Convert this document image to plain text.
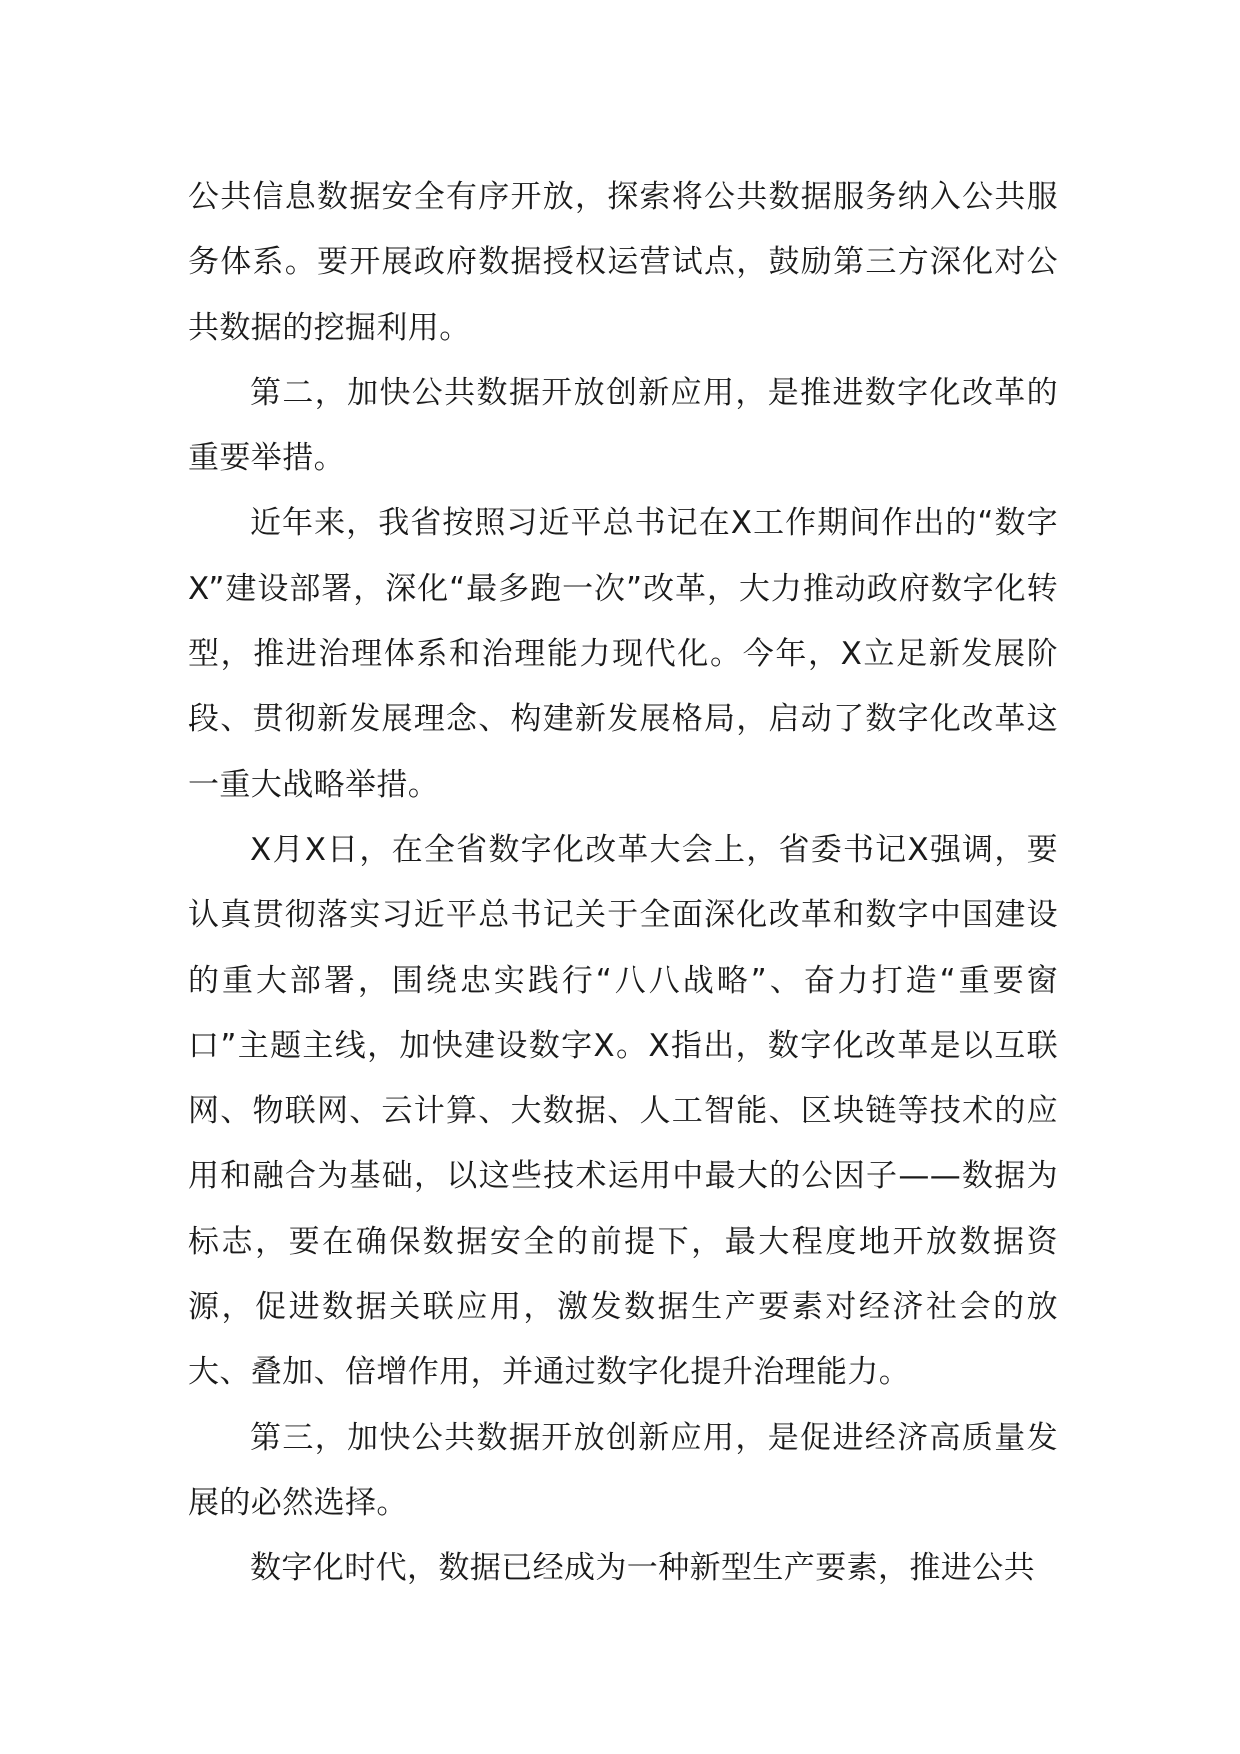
公共信息数据安全有序开放，探索将公共数据服务纳入公共服务体系。要开展政府数据授权运营试点，鼓励第三方深化对公共数据的挖掘利用。

第二，加快公共数据开放创新应用，是推进数字化改革的重要举措。

近年来，我省按照习近平总书记在X工作期间作出的“数字X”建设部署，深化“最多跑一次”改革，大力推动政府数字化转型，推进治理体系和治理能力现代化。今年，X立足新发展阶段、贯彻新发展理念、构建新发展格局，启动了数字化改革这一重大战略举措。

X月X日，在全省数字化改革大会上，省委书记X强调，要认真贯彻落实习近平总书记关于全面深化改革和数字中国建设的重大部署，围绕忠实践行“八八战略”、奋力打造“重要窗口”主题主线，加快建设数字X。X指出，数字化改革是以互联网、物联网、云计算、大数据、人工智能、区块链等技术的应用和融合为基础，以这些技术运用中最大的公因子——数据为标志，要在确保数据安全的前提下，最大程度地开放数据资源，促进数据关联应用，激发数据生产要素对经济社会的放大、叠加、倍增作用，并通过数字化提升治理能力。

第三，加快公共数据开放创新应用，是促进经济高质量发展的必然选择。

数字化时代，数据已经成为一种新型生产要素，推进公共
